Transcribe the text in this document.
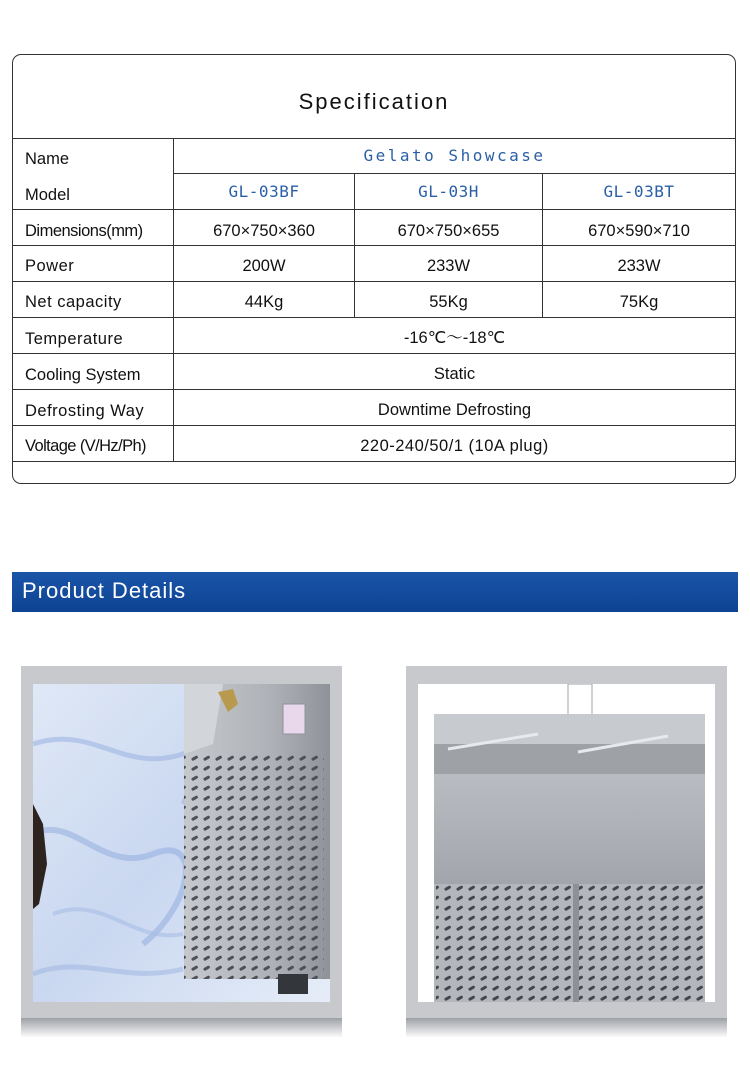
Specification
Name	Gelato Showcase
Model	GL-03BF	GL-03H	GL-03BT
Dimensions(mm)	670×750×360	670×750×655	670×590×710
Power	200W	233W	233W
Net capacity	44Kg	55Kg	75Kg
Temperature	-16℃～-18℃
Cooling System	Static
Defrosting Way	Downtime Defrosting
Voltage (V/Hz/Ph)	220-240/50/1 (10A plug)
Product Details
